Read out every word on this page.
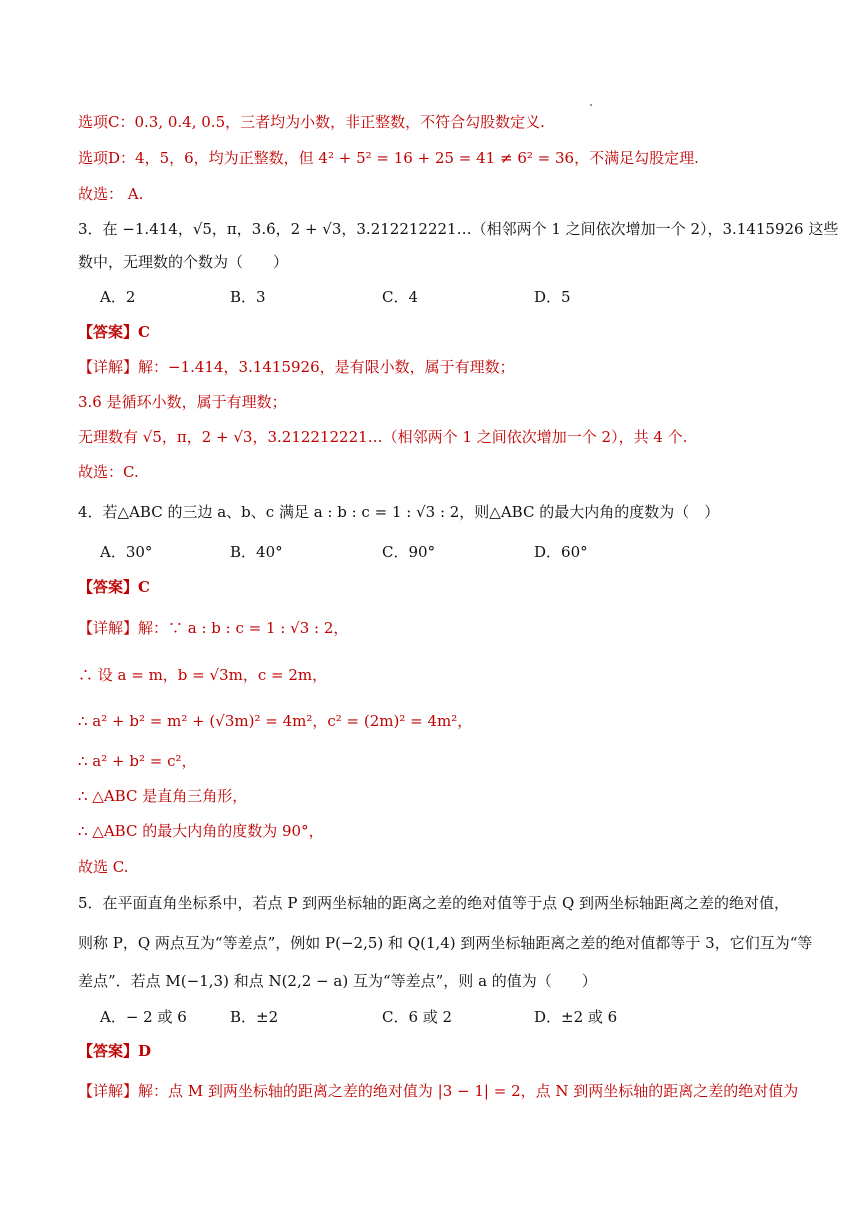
选项C：0.3, 0.4, 0.5，三者均为小数，非正整数，不符合勾股数定义.
选项D：4，5，6，均为正整数，但 4² + 5² = 16 + 25 = 41 ≠ 6² = 36，不满足勾股定理.
故选： A.
3．在 −1.414，√5，π，3.6̇，2 + √3，3.212212221…（相邻两个 1 之间依次增加一个 2），3.1415926 这些
数中，无理数的个数为（　　）
A．2	B．3	C．4	D．5
【答案】C
【详解】解：−1.414，3.1415926，是有限小数，属于有理数；
3.6̇ 是循环小数，属于有理数；
无理数有 √5，π，2 + √3，3.212212221…（相邻两个 1 之间依次增加一个 2），共 4 个.
故选：C.
4．若△ABC 的三边 a、b、c 满足 a : b : c = 1 : √3 : 2，则△ABC 的最大内角的度数为（　）
A．30°	B．40°	C．90°	D．60°
【答案】C
【详解】解：∵ a : b : c = 1 : √3 : 2，
∴ 设 a = m，b = √3m，c = 2m，
∴ a² + b² = m² + (√3m)² = 4m²，c² = (2m)² = 4m²，
∴ a² + b² = c²，
∴ △ABC 是直角三角形，
∴ △ABC 的最大内角的度数为 90°，
故选 C.
5．在平面直角坐标系中，若点 P 到两坐标轴的距离之差的绝对值等于点 Q 到两坐标轴距离之差的绝对值，
则称 P，Q 两点互为“等差点”，例如 P(−2,5) 和 Q(1,4) 到两坐标轴距离之差的绝对值都等于 3，它们互为“等
差点”．若点 M(−1,3) 和点 N(2,2 − a) 互为“等差点”，则 a 的值为（　　）
A．− 2 或 6	B．±2	C．6 或 2	D．±2 或 6
【答案】D
【详解】解：点 M 到两坐标轴的距离之差的绝对值为 |3 − 1| = 2，点 N 到两坐标轴的距离之差的绝对值为
